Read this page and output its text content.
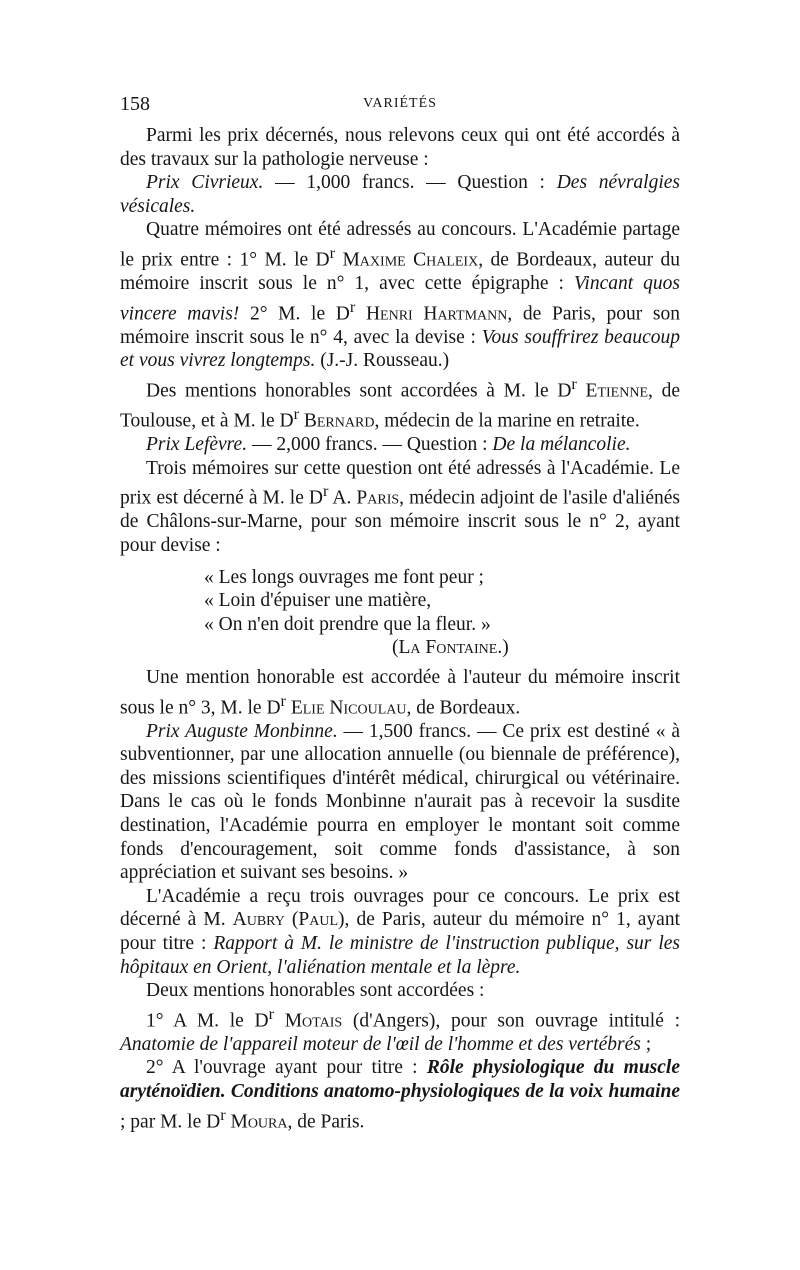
158	VARIÉTÉS

Parmi les prix décernés, nous relevons ceux qui ont été accordés à des travaux sur la pathologie nerveuse :

Prix Civrieux. — 1,000 francs. — Question : Des névralgies vésicales.

Quatre mémoires ont été adressés au concours. L'Académie partage le prix entre : 1° M. le $D^r$ Maxime Chaleix, de Bordeaux, auteur du mémoire inscrit sous le n° 1, avec cette épigraphe : Vincant quos vincere mavis! 2° M. le $D^r$ Henri Hartmann, de Paris, pour son mémoire inscrit sous le n° 4, avec la devise : Vous souffrirez beaucoup et vous vivrez longtemps. (J.-J. Rousseau.)

Des mentions honorables sont accordées à M. le $D^r$ Etienne, de Toulouse, et à M. le $D^r$ Bernard, médecin de la marine en retraite.

Prix Lefèvre. — 2,000 francs. — Question : De la mélancolie.

Trois mémoires sur cette question ont été adressés à l'Académie. Le prix est décerné à M. le $D^r$ A. Paris, médecin adjoint de l'asile d'aliénés de Châlons-sur-Marne, pour son mémoire inscrit sous le n° 2, ayant pour devise :

« Les longs ouvrages me font peur ;
« Loin d'épuiser une matière,
« On n'en doit prendre que la fleur. »
(La Fontaine.)

Une mention honorable est accordée à l'auteur du mémoire inscrit sous le n° 3, M. le $D^r$ Elie Nicoulau, de Bordeaux.

Prix Auguste Monbinne. — 1,500 francs. — Ce prix est destiné « à subventionner, par une allocation annuelle (ou biennale de préférence), des missions scientifiques d'intérêt médical, chirurgical ou vétérinaire. Dans le cas où le fonds Monbinne n'aurait pas à recevoir la susdite destination, l'Académie pourra en employer le montant soit comme fonds d'encouragement, soit comme fonds d'assistance, à son appréciation et suivant ses besoins. »

L'Académie a reçu trois ouvrages pour ce concours. Le prix est décerné à M. Aubry (Paul), de Paris, auteur du mémoire n° 1, ayant pour titre : Rapport à M. le ministre de l'instruction publique, sur les hôpitaux en Orient, l'aliénation mentale et la lèpre.

Deux mentions honorables sont accordées :

1° A M. le $D^r$ Motais (d'Angers), pour son ouvrage intitulé : Anatomie de l'appareil moteur de l'œil de l'homme et des vertébrés ;

2° A l'ouvrage ayant pour titre : Rôle physiologique du muscle aryténoïdien. Conditions anatomo-physiologiques de la voix humaine ; par M. le $D^r$ Moura, de Paris.
